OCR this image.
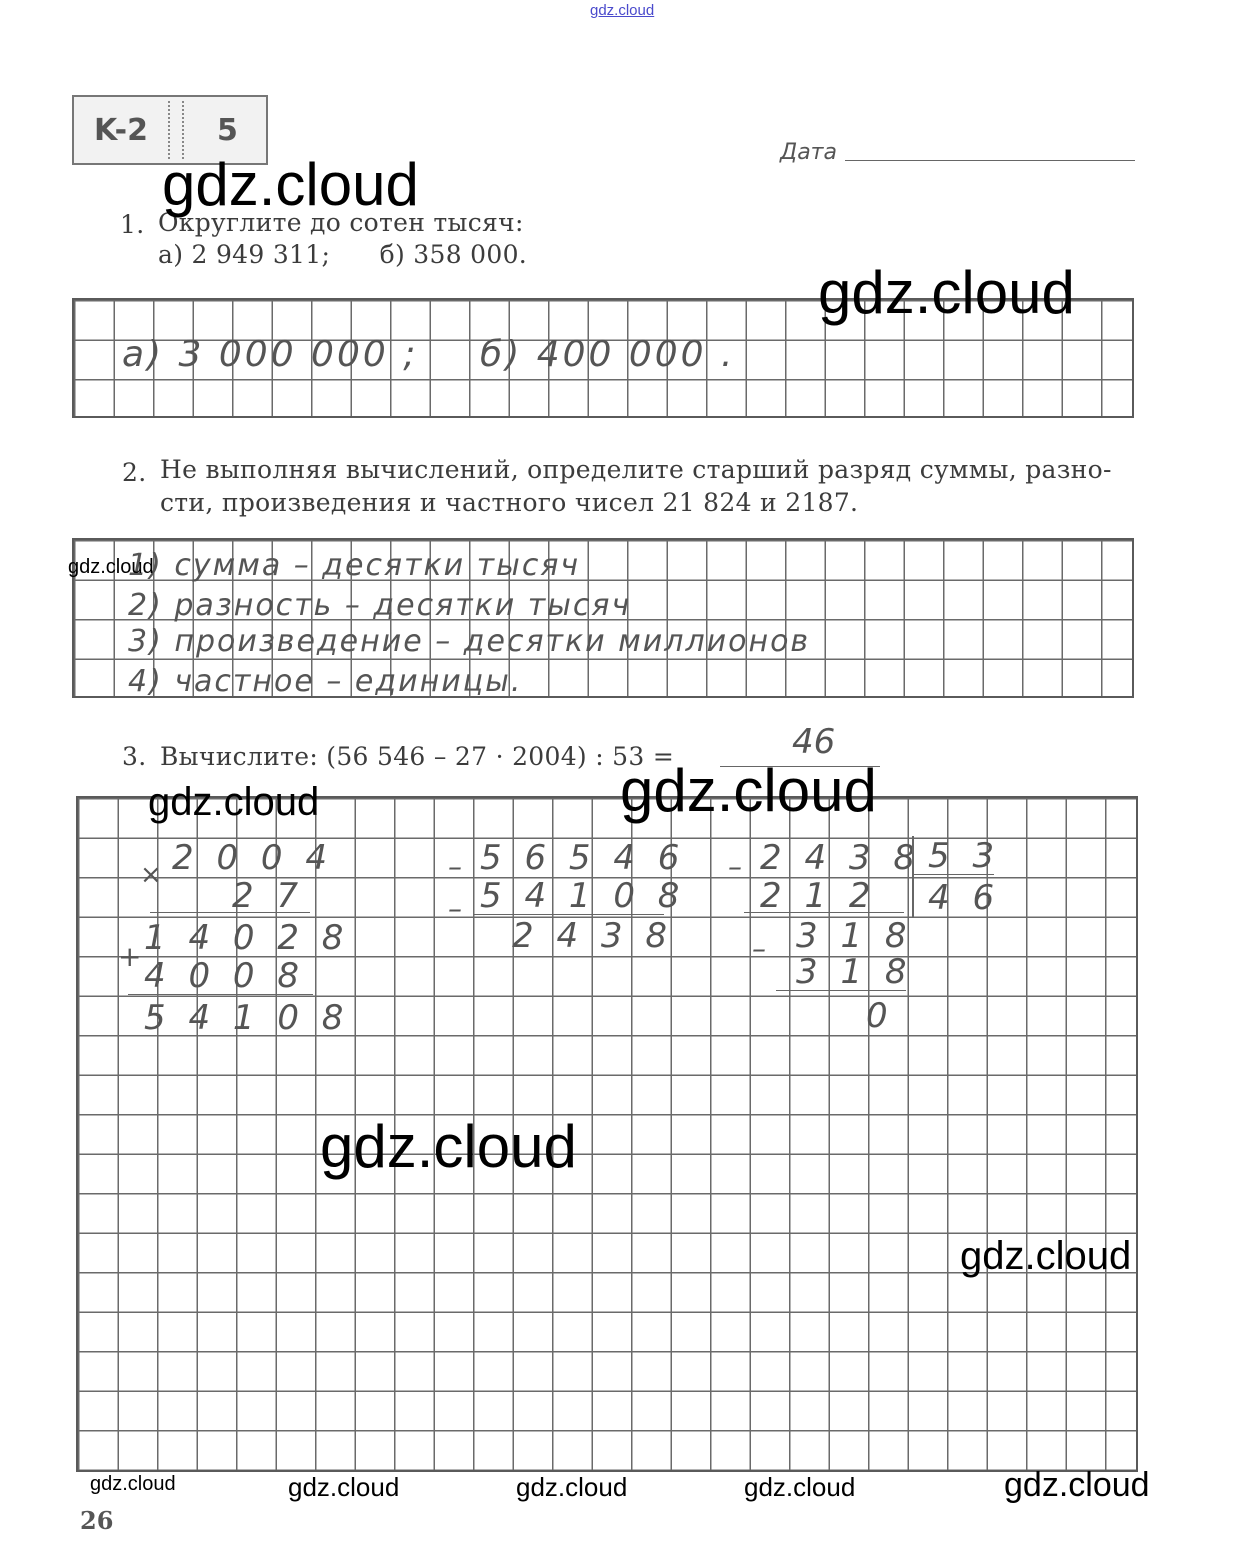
gdz.cloud
K-2 5
Дата
1. Округлите до сотен тысяч:
а) 2 949 311;      б) 358 000.
а) 3 000 000 ; б) 400 000 .
2. Не выполняя вычислений, определите старший разряд суммы, разно-
сти, произведения и частного чисел 21 824 и 2187.
1) сумма – десятки тысяч
2) разность – десятки тысяч
3) произведение – десятки миллионов
4) частное – единицы.
3. Вычислите: (56 546 – 27 · 2004) : 53 =	46
× 2 0 0 4
2 7
+ 1 4 0 2 8
4 0 0 8
5 4 1 0 8
– 5 6 5 4 6
– 5 4 1 0 8
2 4 3 8
– 2 4 3 8 5 3
2 1 2 4 6
– 3 1 8
3 1 8
0
26
gdz.cloud
gdz.cloud
gdz.cloud
gdz.cloud	gdz.cloud
gdz.cloud
gdz.cloud
gdz.cloud	gdz.cloud	gdz.cloud	gdz.cloud	gdz.cloud
